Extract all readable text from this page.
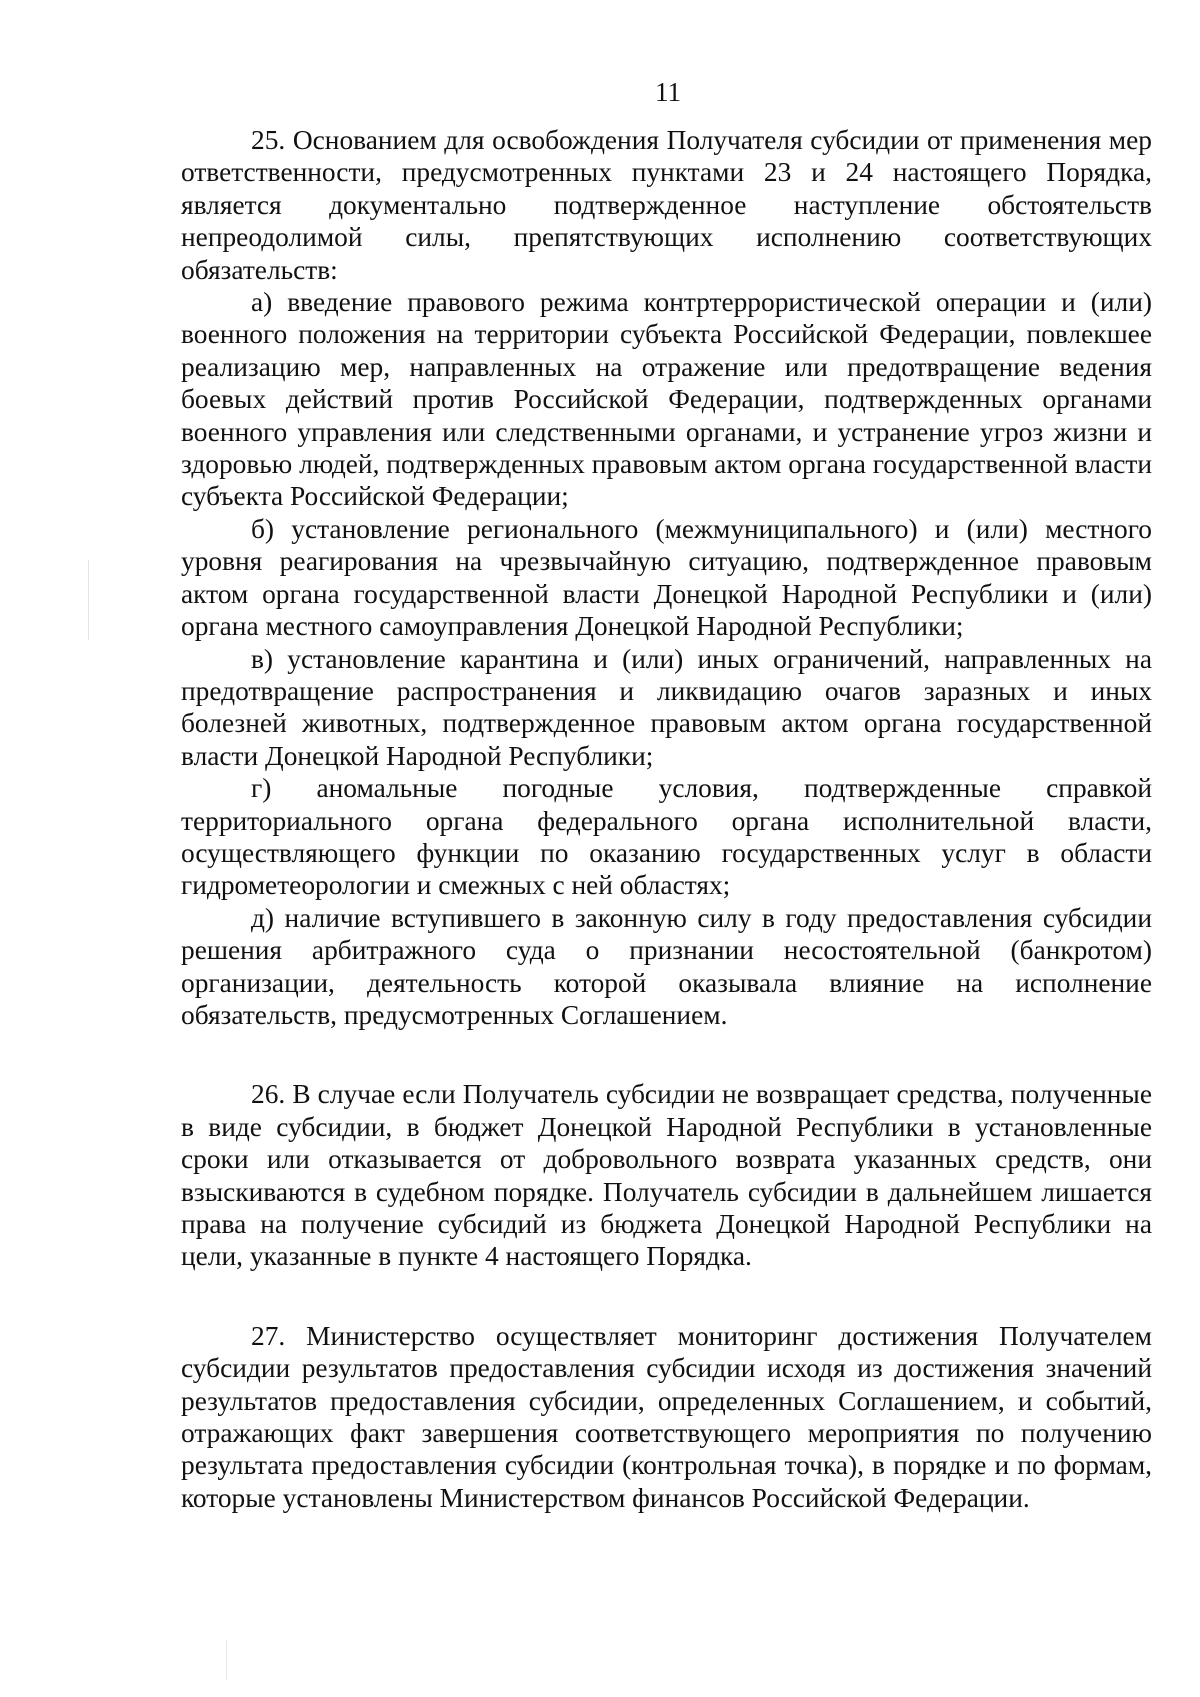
11

25. Основанием для освобождения Получателя субсидии от применения мер ответственности, предусмотренных пунктами 23 и 24 настоящего Порядка, является документально подтвержденное наступление обстоятельств непреодолимой силы, препятствующих исполнению соответствующих обязательств:

а) введение правового режима контртеррористической операции и (или) военного положения на территории субъекта Российской Федерации, повлекшее реализацию мер, направленных на отражение или предотвращение ведения боевых действий против Российской Федерации, подтвержденных органами военного управления или следственными органами, и устранение угроз жизни и здоровью людей, подтвержденных правовым актом органа государственной власти субъекта Российской Федерации;

б) установление регионального (межмуниципального) и (или) местного уровня реагирования на чрезвычайную ситуацию, подтвержденное правовым актом органа государственной власти Донецкой Народной Республики и (или) органа местного самоуправления Донецкой Народной Республики;

в) установление карантина и (или) иных ограничений, направленных на предотвращение распространения и ликвидацию очагов заразных и иных болезней животных, подтвержденное правовым актом органа государственной власти Донецкой Народной Республики;

г) аномальные погодные условия, подтвержденные справкой территориального органа федерального органа исполнительной власти, осуществляющего функции по оказанию государственных услуг в области гидрометеорологии и смежных с ней областях;

д) наличие вступившего в законную силу в году предоставления субсидии решения арбитражного суда о признании несостоятельной (банкротом) организации, деятельность которой оказывала влияние на исполнение обязательств, предусмотренных Соглашением.

26. В случае если Получатель субсидии не возвращает средства, полученные в виде субсидии, в бюджет Донецкой Народной Республики в установленные сроки или отказывается от добровольного возврата указанных средств, они взыскиваются в судебном порядке. Получатель субсидии в дальнейшем лишается права на получение субсидий из бюджета Донецкой Народной Республики на цели, указанные в пункте 4 настоящего Порядка.

27. Министерство осуществляет мониторинг достижения Получателем субсидии результатов предоставления субсидии исходя из достижения значений результатов предоставления субсидии, определенных Соглашением, и событий, отражающих факт завершения соответствующего мероприятия по получению результата предоставления субсидии (контрольная точка), в порядке и по формам, которые установлены Министерством финансов Российской Федерации.
